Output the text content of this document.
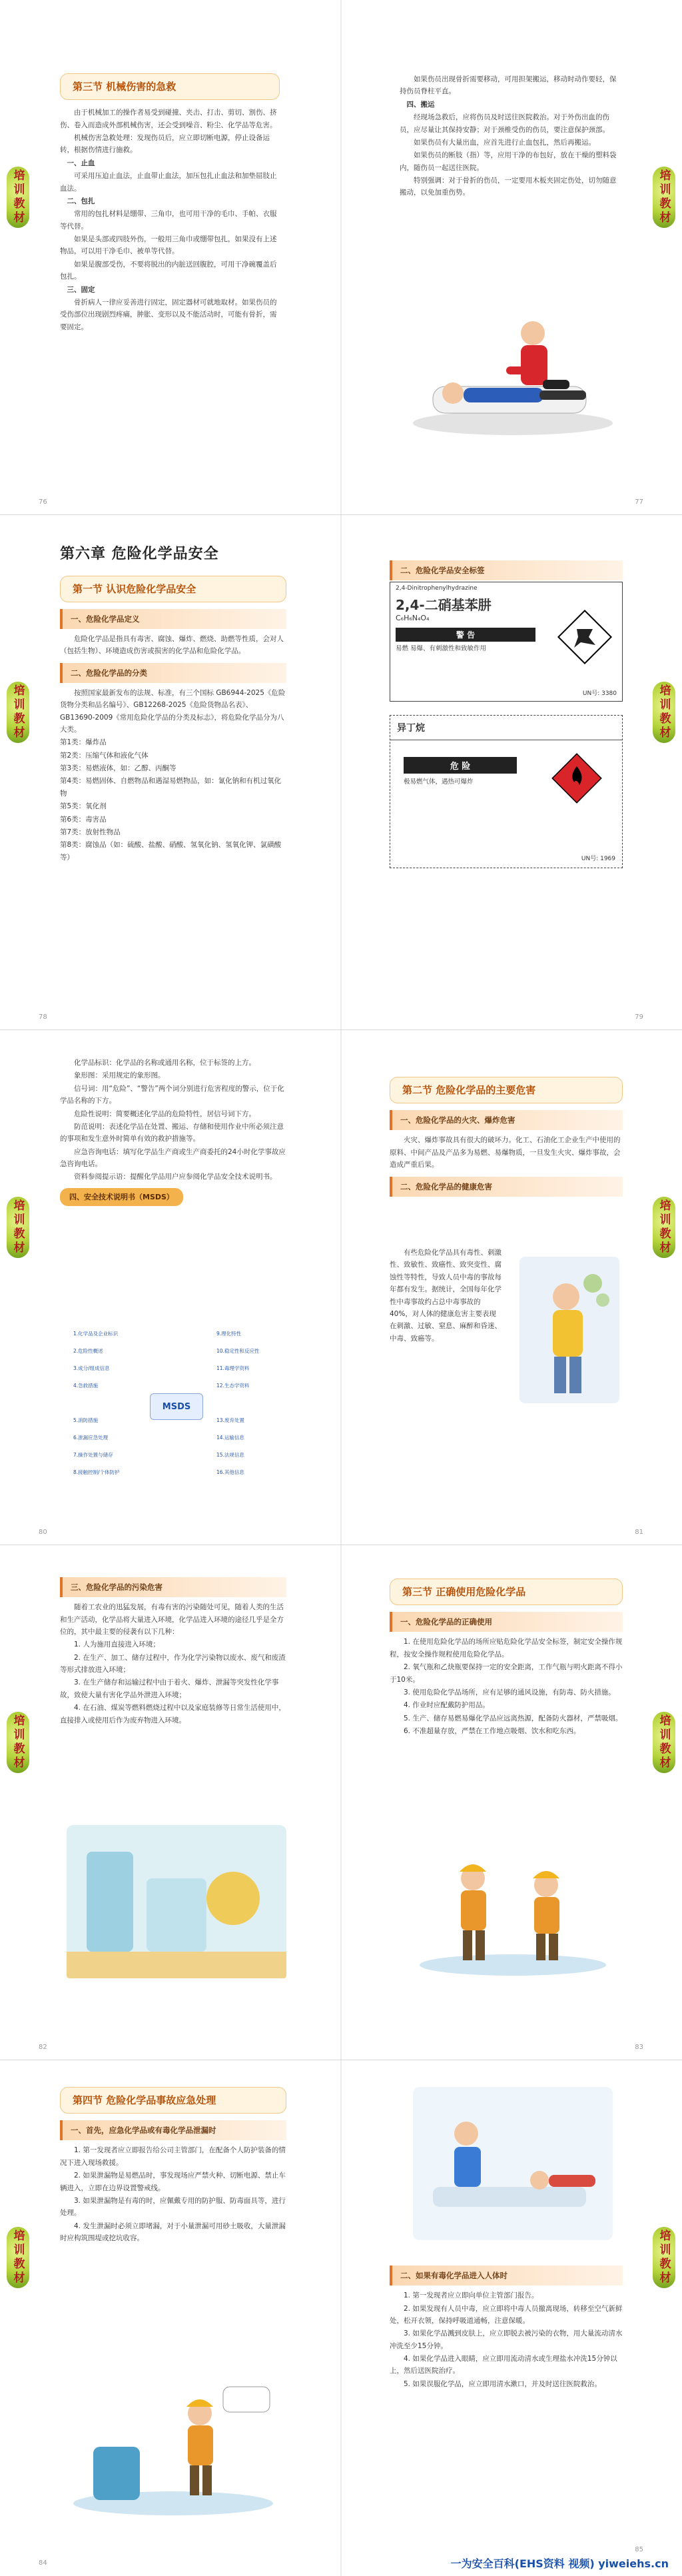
培训教材	培训教材
第三节 机械伤害的急救

由于机械加工的操作者易受到碰撞、夹击、打击、剪切、割伤、挤伤、卷入而造成外部机械伤害，还会受到噪音、粉尘、化学品等危害。

机械伤害急救处理：发现伤员后，应立即切断电源，停止设备运转，根据伤情进行施救。

一、止血

可采用压迫止血法，止血带止血法，加压包扎止血法和加垫屈肢止血法。

二、包扎

常用的包扎材料是绷带、三角巾，也可用干净的毛巾、手帕、衣服等代替。

如果是头部或四肢外伤，一般用三角巾或绷带包扎，如果没有上述物品，可以用干净毛巾、被单等代替。

如果是腹部受伤，不要将脱出的内脏送回腹腔，可用干净碗覆盖后包扎。

三、固定

骨折病人一律应妥善进行固定，固定器材可就地取材。如果伤员的受伤部位出现剧烈疼痛，肿胀、变形以及不能活动时，可能有骨折，需要固定。

如果伤员出现骨折需要移动，可用担架搬运，移动时动作要轻，保持伤员脊柱平直。

四、搬运

经现场急救后，应将伤员及时送往医院救治。对于外伤出血的伤员，应尽量让其保持安静；对于颈椎受伤的伤员，要注意保护颈部。

如果伤员有大量出血，应首先进行止血包扎，然后再搬运。

如果伤员的断肢（指）等，应用干净的布包好，放在干燥的塑料袋内，随伤员一起送往医院。

特别强调：对于骨折的伤员，一定要用木板夹固定伤处，切勿随意搬动，以免加重伤势。

76	77
培训教材	培训教材
第六章 危险化学品安全
第一节 认识危险化学品安全
一、危险化学品定义

危险化学品是指具有毒害、腐蚀、爆炸、燃烧、助燃等性质，会对人（包括生物）、环境造成伤害或损害的化学品和危险化学品。

二、危险化学品的分类

按照国家最新发布的法规、标准，有三个国标 GB6944-2025《危险货物分类和品名编号》、GB12268-2025《危险货物品名表》、GB13690-2009《常用危险化学品的分类及标志》，将危险化学品分为八大类。

第1类：爆炸品

第2类：压缩气体和液化气体

第3类：易燃液体，如：乙醇、丙酮等

第4类：易燃固体、自燃物品和遇湿易燃物品，如：氰化钠和有机过氧化物

第5类：氧化剂

第6类：毒害品

第7类：放射性物品

第8类：腐蚀品（如：硫酸、盐酸、硝酸、氢氧化钠、氢氧化钾、氯磺酸等）

二、危险化学品安全标签
2,4-Dinitrophenylhydrazine
2,4-二硝基苯肼
C₆H₆N₄O₄
警 告
易燃 易爆、有刺激性和致敏作用
UN号: 3380
异丁烷
危 险
极易燃气体，遇热可爆炸
UN号: 1969
78	79
培训教材	培训教材

化学品标识：化学品的名称或通用名称，位于标签的上方。

象形图：采用规定的象形图。

信号词：用“危险”、“警告”两个词分别进行危害程度的警示，位于化学品名称的下方。

危险性说明：简要概述化学品的危险特性，居信号词下方。

防范说明：表述化学品在处置、搬运、存储和使用作业中所必须注意的事项和发生意外时简单有效的救护措施等。

应急咨询电话：填写化学品生产商或生产商委托的24小时化学事故应急咨询电话。

资料参阅提示语：提醒化学品用户应参阅化学品安全技术说明书。

四、安全技术说明书（MSDS）
MSDS
1.化学品及企业标识
2.危险性概述
3.成分/组成信息
4.急救措施
5.消防措施
6.泄漏应急处理
7.操作处置与储存
8.接触控制/个体防护
9.理化特性
10.稳定性和反应性
11.毒理学资料
12.生态学资料
13.废弃处置
14.运输信息
15.法规信息
16.其他信息
第二节 危险化学品的主要危害
一、危险化学品的火灾、爆炸危害

火灾、爆炸事故具有很大的破坏力。化工、石油化工企业生产中使用的原料、中间产品及产品多为易燃、易爆物质，一旦发生火灾、爆炸事故，会造成严重后果。

二、危险化学品的健康危害

有些危险化学品具有毒性、刺激性、致敏性、致癌性、致突变性、腐蚀性等特性，导致人员中毒的事故每年都有发生。据统计，全国每年化学性中毒事故约占总中毒事故的40%，对人体的健康危害主要表现在刺激、过敏、窒息、麻醉和昏迷、中毒、致癌等。

80	81
培训教材	培训教材
三、危险化学品的污染危害

随着工农业的迅猛发展，有毒有害的污染随处可见，随着人类的生活和生产活动，化学品将大量进入环境，化学品进入环境的途径几乎是全方位的，其中最主要的侵袭有以下几种：

1. 人为施用直接进入环境；

2. 在生产、加工、储存过程中，作为化学污染物以废水、废气和废渣等形式排放进入环境；

3. 在生产储存和运输过程中由于着火、爆炸、泄漏等突发性化学事故，致使大量有害化学品外泄进入环境；

4. 在石油、煤炭等燃料燃烧过程中以及家庭装修等日常生活使用中，直接排入或使用后作为废弃物进入环境。

第三节 正确使用危险化学品
一、危险化学品的正确使用

1. 在使用危险化学品的场所应贴危险化学品安全标签，制定安全操作规程，按安全操作规程使用危险化学品。

2. 氧气瓶和乙炔瓶要保持一定的安全距离，工作气瓶与明火距离不得小于10米。

3. 使用危险化学品场所，应有足够的通风设施，有防毒、防火措施。

4. 作业时应配戴防护用品。

5. 生产、储存易燃易爆化学品应远离热源，配备防火器材，严禁吸烟。

6. 不准超量存放，严禁在工作地点吸烟、饮水和吃东西。

82	83
培训教材	培训教材
第四节 危险化学品事故应急处理
一、首先，应急化学品或有毒化学品泄漏时

1. 第一发现者应立即报告给公司主管部门，在配备个人防护装备的情况下进入现场救援。

2. 如果泄漏物是易燃品时，事发现场应严禁火种、切断电源、禁止车辆进入，立即在边界设置警戒线。

3. 如果泄漏物是有毒的时，应佩戴专用的防护服、防毒面具等，进行处理。

4. 发生泄漏时必须立即堵漏，对于小量泄漏可用砂土吸收，大量泄漏时应构筑围堤或挖坑收容。

二、如果有毒化学品进入人体时

1. 第一发现者应立即向单位主管部门报告。

2. 如果发现有人员中毒，应立即将中毒人员撤离现场，转移至空气新鲜处，松开衣领，保持呼吸道通畅，注意保暖。

3. 如果化学品溅到皮肤上，应立即脱去被污染的衣物，用大量流动清水冲洗至少15分钟。

4. 如果化学品进入眼睛，应立即用流动清水或生理盐水冲洗15分钟以上，然后送医院治疗。

5. 如果误服化学品，应立即用清水漱口，并及时送往医院救治。

84
85
一为安全百科(EHS资料 视频) yiweiehs.cn
